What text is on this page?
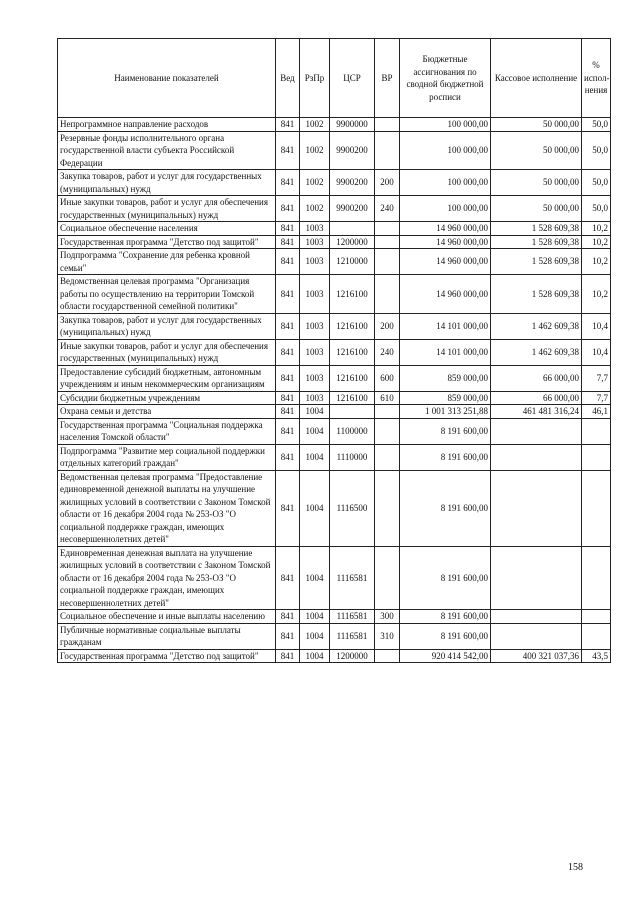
Наименование показателей	Вед	РзПр	ЦСР	ВР	Бюджетные ассигнования по сводной бюджетной росписи	Кассовое исполнение	% испол-нения
Непрограммное направление расходов	841	1002	9900000		100 000,00	50 000,00	50,0
Резервные фонды исполнительного органа государственной власти субъекта Российской Федерации	841	1002	9900200		100 000,00	50 000,00	50,0
Закупка товаров, работ и услуг для государственных (муниципальных) нужд	841	1002	9900200	200	100 000,00	50 000,00	50,0
Иные закупки товаров, работ и услуг для обеспечения государственных (муниципальных) нужд	841	1002	9900200	240	100 000,00	50 000,00	50,0
Социальное обеспечение населения	841	1003			14 960 000,00	1 528 609,38	10,2
Государственная программа "Детство под защитой"	841	1003	1200000		14 960 000,00	1 528 609,38	10,2
Подпрограмма "Сохранение для ребенка кровной семьи"	841	1003	1210000		14 960 000,00	1 528 609,38	10,2
Ведомственная целевая программа "Организация работы по осуществлению на территории Томской области государственной семейной политики"	841	1003	1216100		14 960 000,00	1 528 609,38	10,2
Закупка товаров, работ и услуг для государственных (муниципальных) нужд	841	1003	1216100	200	14 101 000,00	1 462 609,38	10,4
Иные закупки товаров, работ и услуг для обеспечения государственных (муниципальных) нужд	841	1003	1216100	240	14 101 000,00	1 462 609,38	10,4
Предоставление субсидий бюджетным, автономным учреждениям и иным некоммерческим организациям	841	1003	1216100	600	859 000,00	66 000,00	7,7
Субсидии бюджетным учреждениям	841	1003	1216100	610	859 000,00	66 000,00	7,7
Охрана семьи и детства	841	1004			1 001 313 251,88	461 481 316,24	46,1
Государственная программа "Социальная поддержка населения Томской области"	841	1004	1100000		8 191 600,00		
Подпрограмма "Развитие мер социальной поддержки отдельных категорий граждан"	841	1004	1110000		8 191 600,00		
Ведомственная целевая программа "Предоставление единовременной денежной выплаты на улучшение жилищных условий в соответствии с Законом Томской области от 16 декабря 2004 года № 253-ОЗ "О социальной поддержке граждан, имеющих несовершеннолетних детей"	841	1004	1116500		8 191 600,00		
Единовременная денежная выплата на улучшение жилищных условий в соответствии с Законом Томской области от 16 декабря 2004 года № 253-ОЗ "О социальной поддержке граждан, имеющих несовершеннолетних детей"	841	1004	1116581		8 191 600,00		
Социальное обеспечение и иные выплаты населению	841	1004	1116581	300	8 191 600,00		
Публичные нормативные социальные выплаты гражданам	841	1004	1116581	310	8 191 600,00		
Государственная программа "Детство под защитой"	841	1004	1200000		920 414 542,00	400 321 037,36	43,5
158
